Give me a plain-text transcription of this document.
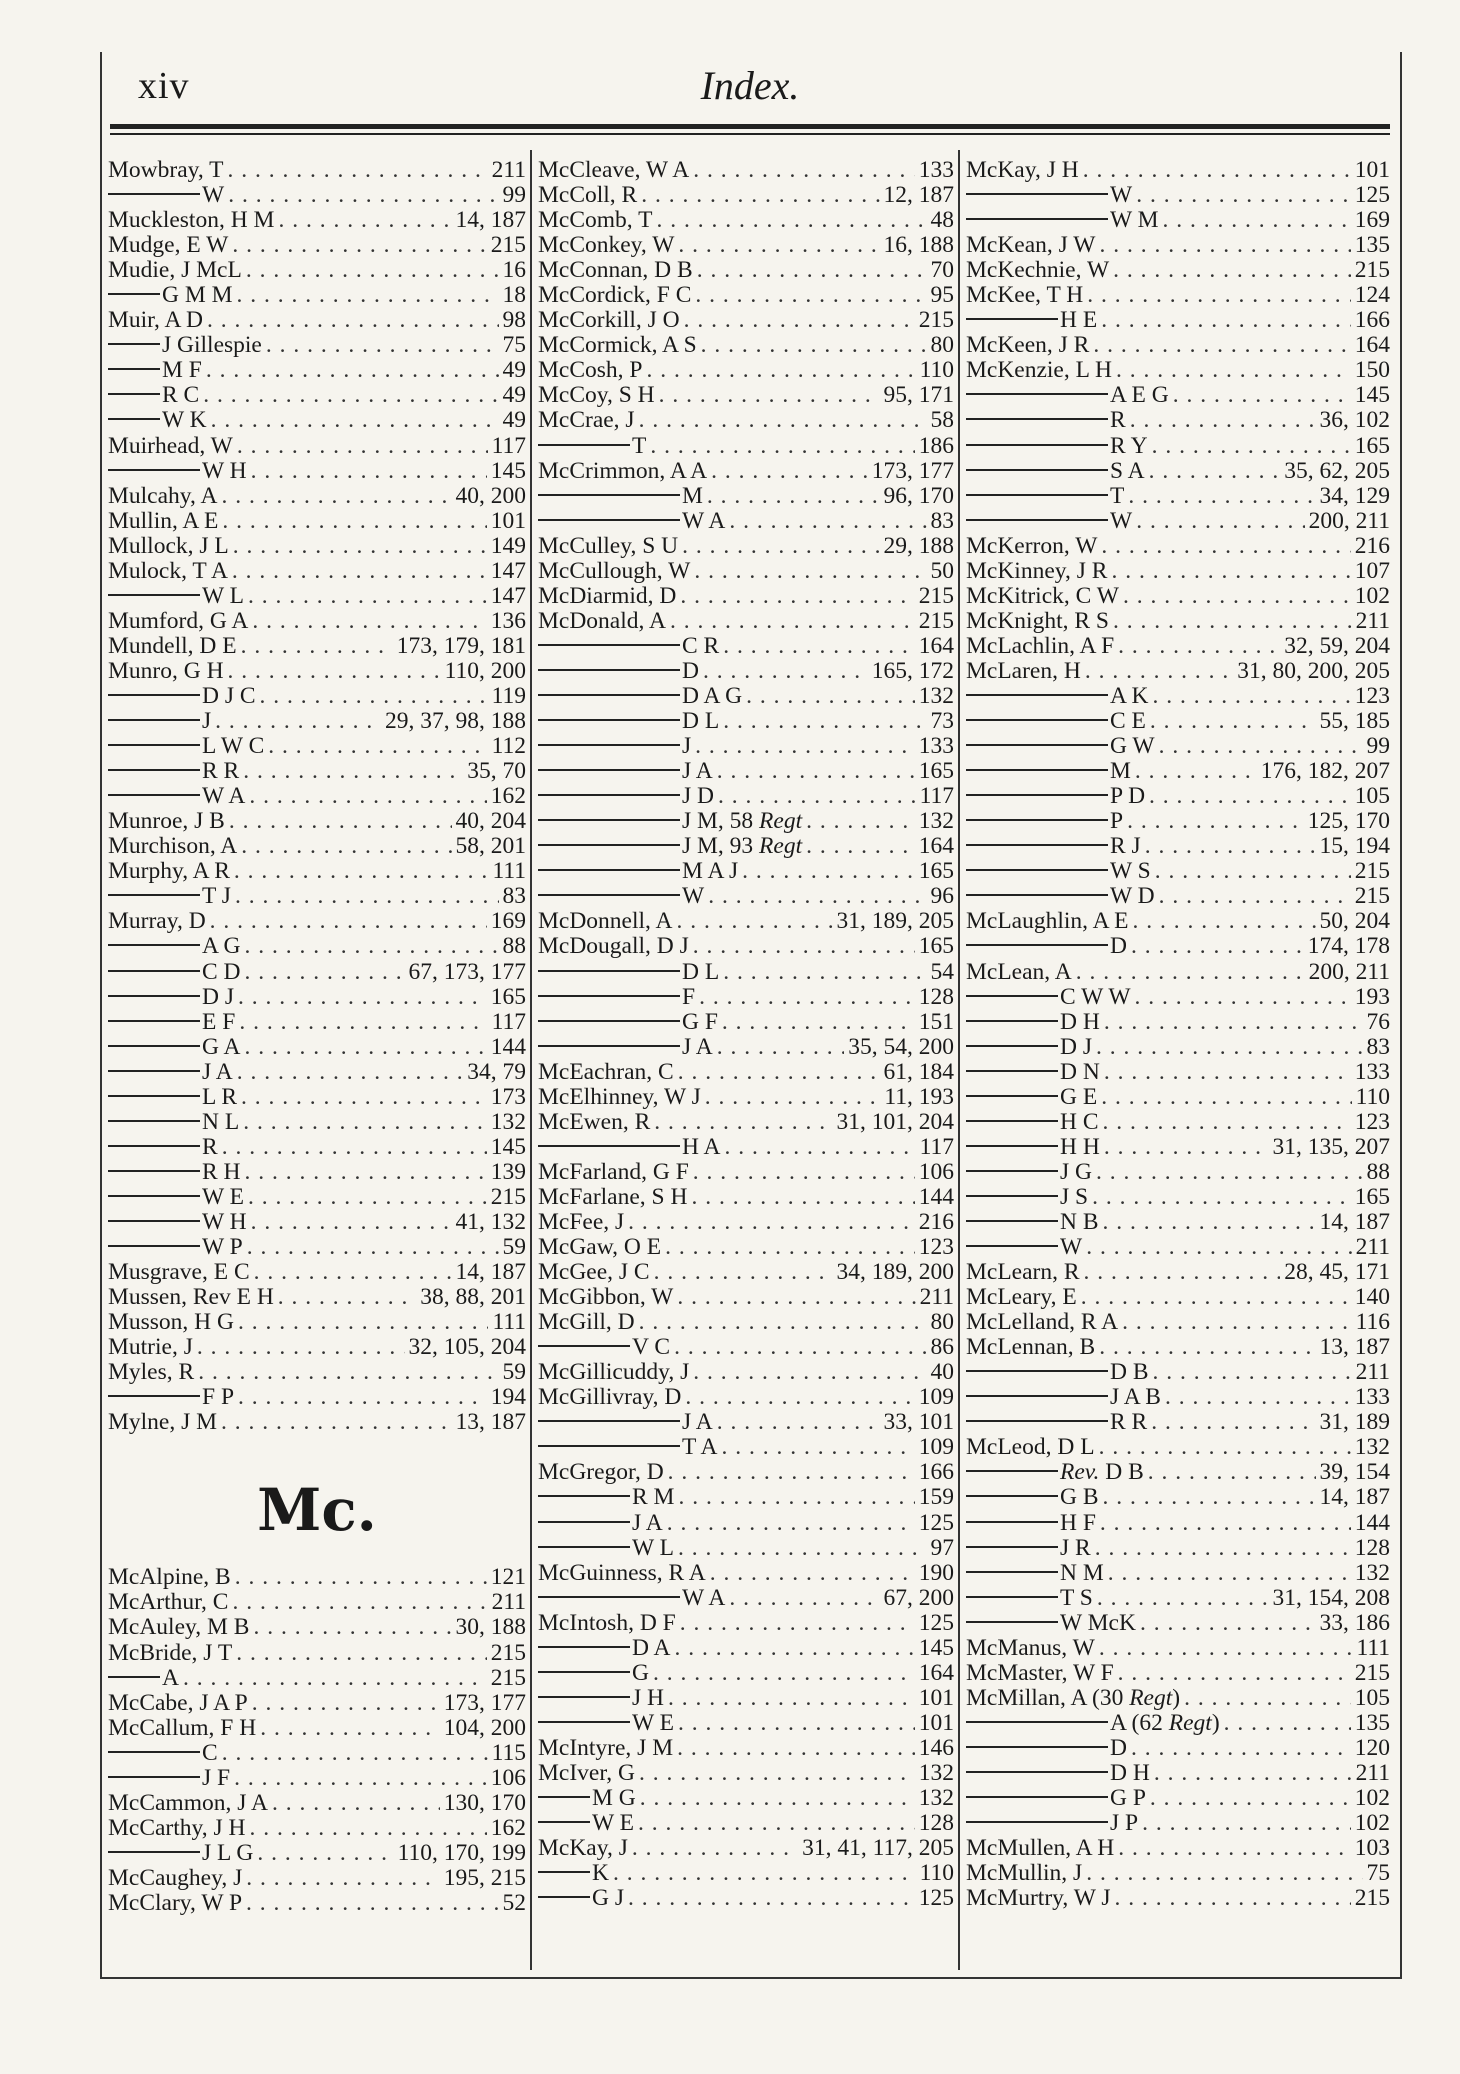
xiv	Index.
Mowbray, T . . .	211
W . . .	99
Muckleston, H M . . .	14, 187
Mudge, E W . . .	215
Mudie, J McL . . .	16
G M M . . .	18
Muir, A D . . .	98
J Gillespie . . .	75
M F . . .	49
R C . . .	49
W K . . .	49
Muirhead, W . . .	117
W H . . .	145
Mulcahy, A . . .	40, 200
Mullin, A E . . .	101
Mullock, J L . . .	149
Mulock, T A . . .	147
W L . . .	147
Mumford, G A . . .	136
Mundell, D E . . .	173, 179, 181
Munro, G H . . .	110, 200
D J C . . .	119
J . . .	29, 37, 98, 188
L W C . . .	112
R R . . .	35, 70
W A . . .	162
Munroe, J B . . .	40, 204
Murchison, A . . .	58, 201
Murphy, A R . . .	111
T J . . .	83
Murray, D . . .	169
A G . . .	88
C D . . .	67, 173, 177
D J . . .	165
E F . . .	117
G A . . .	144
J A . . .	34, 79
L R . . .	173
N L . . .	132
R . . .	145
R H . . .	139
W E . . .	215
W H . . .	41, 132
W P . . .	59
Musgrave, E C . . .	14, 187
Mussen, Rev E H . . .	38, 88, 201
Musson, H G . . .	111
Mutrie, J . . .	32, 105, 204
Myles, R . . .	59
F P . . .	194
Mylne, J M . . .	13, 187
Mc.
McAlpine, B . . .	121
McArthur, C . . .	211
McAuley, M B . . .	30, 188
McBride, J T . . .	215
A . . .	215
McCabe, J A P . . .	173, 177
McCallum, F H . . .	104, 200
C . . .	115
J F . . .	106
McCammon, J A . . .	130, 170
McCarthy, J H . . .	162
J L G . . .	110, 170, 199
McCaughey, J . . .	195, 215
McClary, W P . . .	52
McCleave, W A . . .	133
McColl, R . . .	12, 187
McComb, T . . .	48
McConkey, W . . .	16, 188
McConnan, D B . . .	70
McCordick, F C . . .	95
McCorkill, J O . . .	215
McCormick, A S . . .	80
McCosh, P . . .	110
McCoy, S H . . .	95, 171
McCrae, J . . .	58
T . . .	186
McCrimmon, A A . . .	173, 177
M . . .	96, 170
W A . . .	83
McCulley, S U . . .	29, 188
McCullough, W . . .	50
McDiarmid, D . . .	215
McDonald, A . . .	215
C R . . .	164
D . . .	165, 172
D A G . . .	132
D L . . .	73
J . . .	133
J A . . .	165
J D . . .	117
J M, 58 Regt . . .	132
J M, 93 Regt . . .	164
M A J . . .	165
W . . .	96
McDonnell, A . . .	31, 189, 205
McDougall, D J . . .	165
D L . . .	54
F . . .	128
G F . . .	151
J A . . .	35, 54, 200
McEachran, C . . .	61, 184
McElhinney, W J . . .	11, 193
McEwen, R . . .	31, 101, 204
H A . . .	117
McFarland, G F . . .	106
McFarlane, S H . . .	144
McFee, J . . .	216
McGaw, O E . . .	123
McGee, J C . . .	34, 189, 200
McGibbon, W . . .	211
McGill, D . . .	80
V C . . .	86
McGillicuddy, J . . .	40
McGillivray, D . . .	109
J A . . .	33, 101
T A . . .	109
McGregor, D . . .	166
R M . . .	159
J A . . .	125
W L . . .	97
McGuinness, R A . . .	190
W A . . .	67, 200
McIntosh, D F . . .	125
D A . . .	145
G . . .	164
J H . . .	101
W E . . .	101
McIntyre, J M . . .	146
McIver, G . . .	132
M G . . .	132
W E . . .	128
McKay, J . . .	31, 41, 117, 205
K . . .	110
G J . . .	125
McKay, J H . . .	101
W . . .	125
W M . . .	169
McKean, J W . . .	135
McKechnie, W . . .	215
McKee, T H . . .	124
H E . . .	166
McKeen, J R . . .	164
McKenzie, L H . . .	150
A E G . . .	145
R . . .	36, 102
R Y . . .	165
S A . . .	35, 62, 205
T . . .	34, 129
W . . .	200, 211
McKerron, W . . .	216
McKinney, J R . . .	107
McKitrick, C W . . .	102
McKnight, R S . . .	211
McLachlin, A F . . .	32, 59, 204
McLaren, H . . .	31, 80, 200, 205
A K . . .	123
C E . . .	55, 185
G W . . .	99
M . . .	176, 182, 207
P D . . .	105
P . . .	125, 170
R J . . .	15, 194
W S . . .	215
W D . . .	215
McLaughlin, A E . . .	50, 204
D . . .	174, 178
McLean, A . . .	200, 211
C W W . . .	193
D H . . .	76
D J . . .	83
D N . . .	133
G E . . .	110
H C . . .	123
H H . . .	31, 135, 207
J G . . .	88
J S . . .	165
N B . . .	14, 187
W . . .	211
McLearn, R . . .	28, 45, 171
McLeary, E . . .	140
McLelland, R A . . .	116
McLennan, B . . .	13, 187
D B . . .	211
J A B . . .	133
R R . . .	31, 189
McLeod, D L . . .	132
Rev. D B . . .	39, 154
G B . . .	14, 187
H F . . .	144
J R . . .	128
N M . . .	132
T S . . .	31, 154, 208
W McK . . .	33, 186
McManus, W . . .	111
McMaster, W F . . .	215
McMillan, A (30 Regt) . . .	105
A (62 Regt) . . .	135
D . . .	120
D H . . .	211
G P . . .	102
J P . . .	102
McMullen, A H . . .	103
McMullin, J . . .	75
McMurtry, W J . . .	215
